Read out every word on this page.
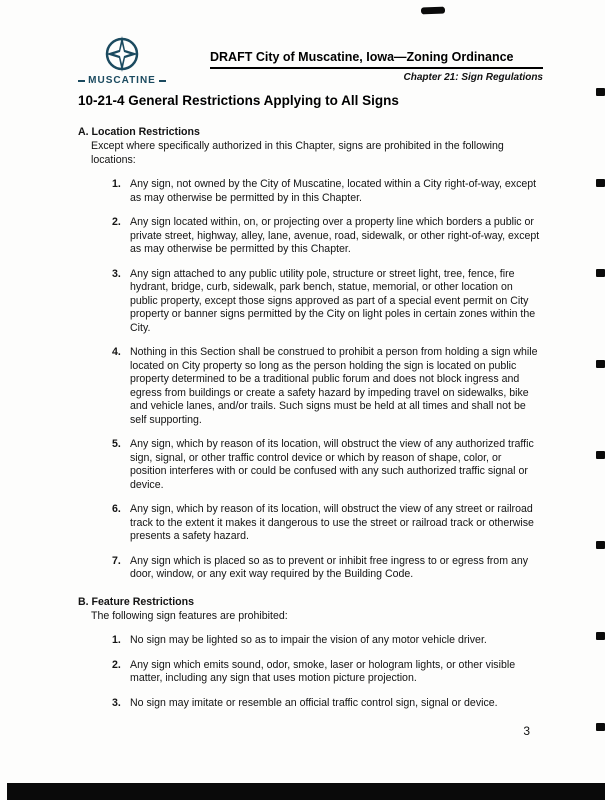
MUSCATINE
DRAFT City of Muscatine, Iowa—Zoning Ordinance
Chapter 21: Sign Regulations
10-21-4 General Restrictions Applying to All Signs
A. Location Restrictions
Except where specifically authorized in this Chapter, signs are prohibited in the following locations:
1. Any sign, not owned by the City of Muscatine, located within a City right-of-way, except as may otherwise be permitted by in this Chapter.
2. Any sign located within, on, or projecting over a property line which borders a public or private street, highway, alley, lane, avenue, road, sidewalk, or other right-of-way, except as may otherwise be permitted by this Chapter.
3. Any sign attached to any public utility pole, structure or street light, tree, fence, fire hydrant, bridge, curb, sidewalk, park bench, statue, memorial, or other location on public property, except those signs approved as part of a special event permit on City property or banner signs permitted by the City on light poles in certain zones within the City.
4. Nothing in this Section shall be construed to prohibit a person from holding a sign while located on City property so long as the person holding the sign is located on public property determined to be a traditional public forum and does not block ingress and egress from buildings or create a safety hazard by impeding travel on sidewalks, bike and vehicle lanes, and/or trails. Such signs must be held at all times and shall not be self supporting.
5. Any sign, which by reason of its location, will obstruct the view of any authorized traffic sign, signal, or other traffic control device or which by reason of shape, color, or position interferes with or could be confused with any such authorized traffic signal or device.
6. Any sign, which by reason of its location, will obstruct the view of any street or railroad track to the extent it makes it dangerous to use the street or railroad track or otherwise presents a safety hazard.
7. Any sign which is placed so as to prevent or inhibit free ingress to or egress from any door, window, or any exit way required by the Building Code.
B. Feature Restrictions
The following sign features are prohibited:
1. No sign may be lighted so as to impair the vision of any motor vehicle driver.
2. Any sign which emits sound, odor, smoke, laser or hologram lights, or other visible matter, including any sign that uses motion picture projection.
3. No sign may imitate or resemble an official traffic control sign, signal or device.
3
